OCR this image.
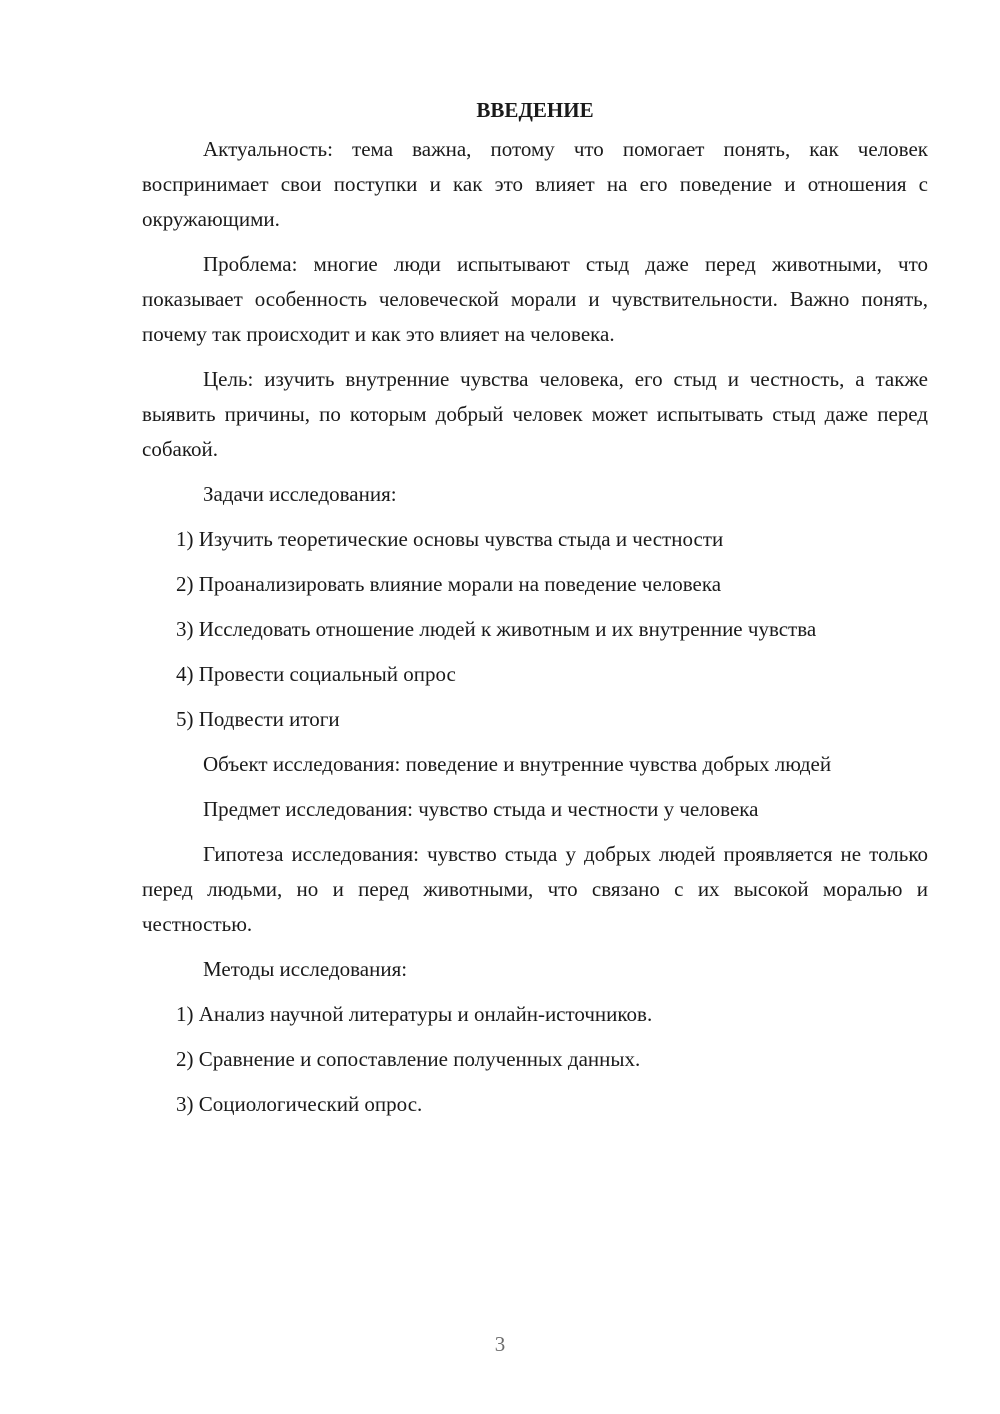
ВВЕДЕНИЕ

Актуальность: тема важна, потому что помогает понять, как человек воспринимает свои поступки и как это влияет на его поведение и отношения с окружающими.

Проблема: многие люди испытывают стыд даже перед животными, что показывает особенность человеческой морали и чувствительности. Важно понять, почему так происходит и как это влияет на человека.

Цель: изучить внутренние чувства человека, его стыд и честность, а также выявить причины, по которым добрый человек может испытывать стыд даже перед собакой.

Задачи исследования:

1) Изучить теоретические основы чувства стыда и честности
2) Проанализировать влияние морали на поведение человека
3) Исследовать отношение людей к животным и их внутренние чувства
4) Провести социальный опрос
5) Подвести итоги

Объект исследования: поведение и внутренние чувства добрых людей

Предмет исследования: чувство стыда и честности у человека

Гипотеза исследования: чувство стыда у добрых людей проявляется не только перед людьми, но и перед животными, что связано с их высокой моралью и честностью.

Методы исследования:

1) Анализ научной литературы и онлайн-источников.
2) Сравнение и сопоставление полученных данных.
3) Социологический опрос.
3
